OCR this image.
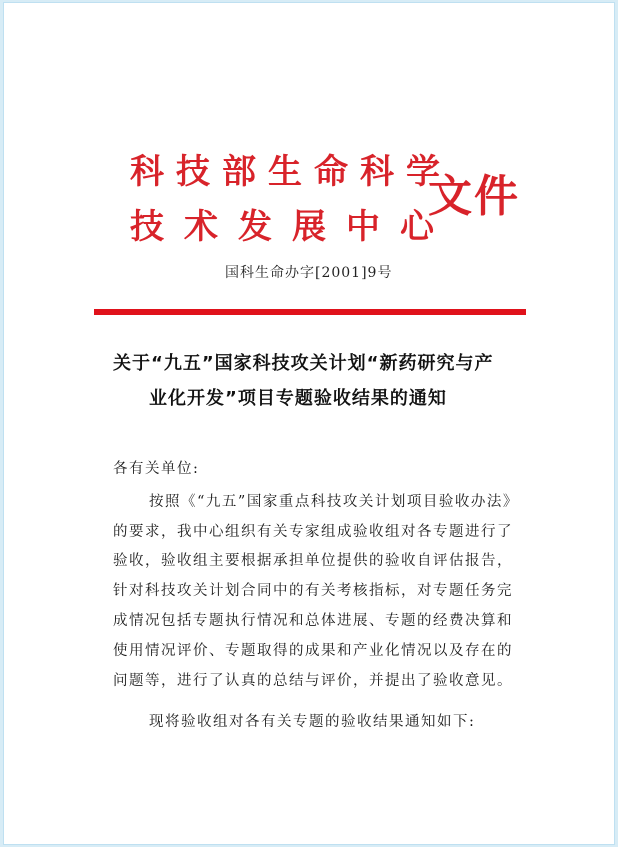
科技部生命科学
技术发展中心
文件
国科生命办字[2001]9号
关于“九五”国家科技攻关计划“新药研究与产
业化开发”项目专题验收结果的通知
各有关单位:
按照《“九五”国家重点科技攻关计划项目验收办法》
的要求，我中心组织有关专家组成验收组对各专题进行了
验收，验收组主要根据承担单位提供的验收自评估报告，
针对科技攻关计划合同中的有关考核指标，对专题任务完
成情况包括专题执行情况和总体进展、专题的经费决算和
使用情况评价、专题取得的成果和产业化情况以及存在的
问题等，进行了认真的总结与评价，并提出了验收意见。
现将验收组对各有关专题的验收结果通知如下:
